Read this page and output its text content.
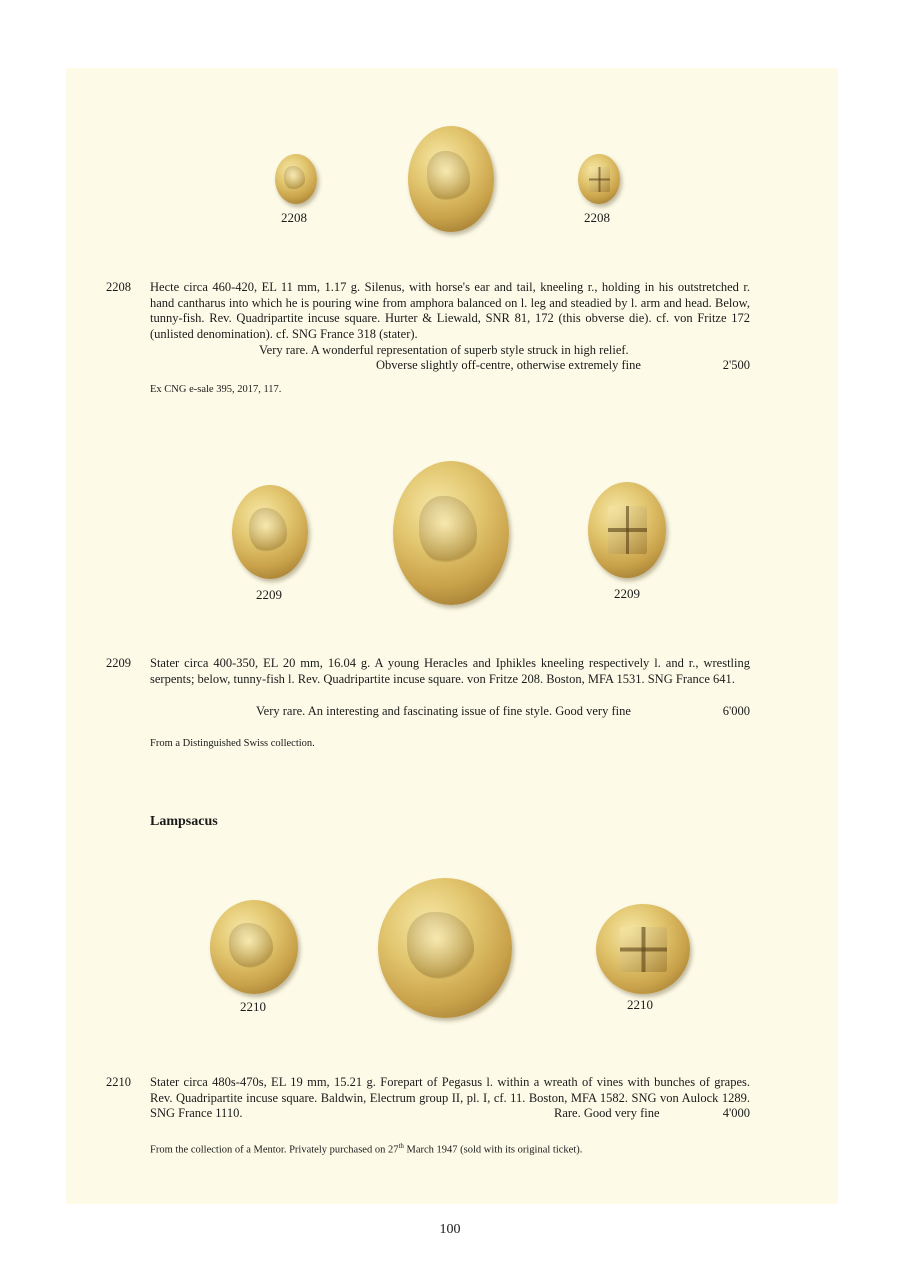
2208	2208
2208 Hecte circa 460-420, EL 11 mm, 1.17 g. Silenus, with horse's ear and tail, kneeling r., holding in his outstretched r. hand cantharus into which he is pouring wine from amphora balanced on l. leg and steadied by l. arm and head. Below, tunny-fish. Rev. Quadripartite incuse square. Hurter & Liewald, SNR 81, 172 (this obverse die). cf. von Fritze 172 (unlisted denomination). cf. SNG France 318 (stater).
Very rare. A wonderful representation of superb style struck in high relief.
Obverse slightly off-centre, otherwise extremely fine	2'500
Ex CNG e-sale 395, 2017, 117.
2209	2209
2209 Stater circa 400-350, EL 20 mm, 16.04 g. A young Heracles and Iphikles kneeling respectively l. and r., wrestling serpents; below, tunny-fish l. Rev. Quadripartite incuse square. von Fritze 208. Boston, MFA 1531. SNG France 641.
Very rare. An interesting and fascinating issue of fine style. Good very fine	6'000
From a Distinguished Swiss collection.
Lampsacus
2210	2210
2210 Stater circa 480s-470s, EL 19 mm, 15.21 g. Forepart of Pegasus l. within a wreath of vines with bunches of grapes. Rev. Quadripartite incuse square. Baldwin, Electrum group II, pl. I, cf. 11. Boston, MFA 1582. SNG von Aulock 1289. SNG France 1110.	Rare. Good very fine	4'000
From the collection of a Mentor. Privately purchased on 27th March 1947 (sold with its original ticket).
100
